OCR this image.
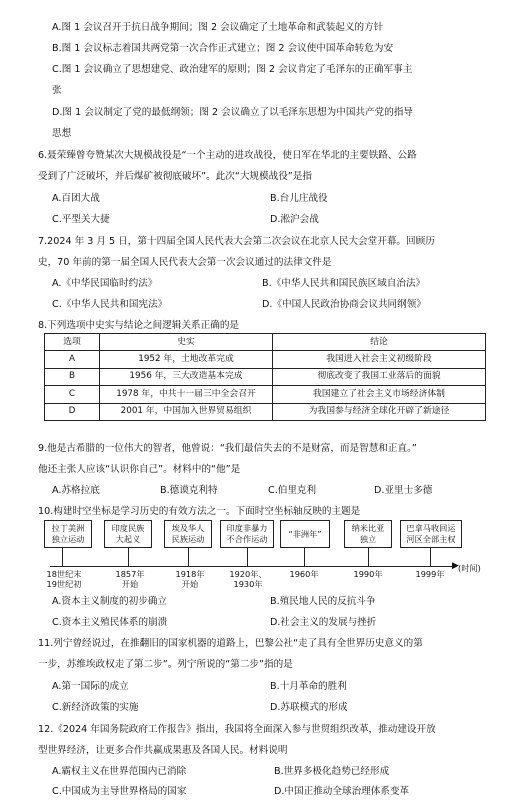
A.图 1 会议召开于抗日战争期间；图 2 会议确定了土地革命和武装起义的方针
B.图 1 会议标志着国共两党第一次合作正式建立；图 2 会议使中国革命转危为安
C.图 1 会议确立了思想建党、政治建军的原则；图 2 会议肯定了毛泽东的正确军事主
张
D.图 1 会议制定了党的最低纲领；图 2 会议确立了以毛泽东思想为中国共产党的指导
思想
6.聂荣臻曾夸赞某次大规模战役是“一个主动的进攻战役，使日军在华北的主要铁路、公路
受到了广泛破坏，并后煤矿被彻底破坏”。此次“大规模战役”是指
A.百团大战	B.台儿庄战役
C.平型关大捷	D.淞沪会战
7.2024 年 3 月 5 日，第十四届全国人民代表大会第二次会议在北京人民大会堂开幕。回顾历
史，70 年前的第一届全国人民代表大会第一次会议通过的法律文件是
A.《中华民国临时约法》	B.《中华人民共和国民族区域自治法》
C.《中华人民共和国宪法》	D.《中国人民政治协商会议共同纲领》
8.下列选项中史实与结论之间逻辑关系正确的是
选项	史实	结论
A	1952 年，土地改革完成	我国进入社会主义初级阶段
B	1956 年，三大改造基本完成	彻底改变了我国工业落后的面貌
C	1978 年，中共十一届三中全会召开	我国建立了社会主义市场经济体制
D	2001 年，中国加入世界贸易组织	为我国参与经济全球化开辟了新途径
9.他是古希腊的一位伟大的智者，他曾说：“我们最信失去的不是财富，而是智慧和正直。”
他还主张人应该“认识你自己”。材料中的“他”是
A.苏格拉底	B.德谟克利特	C.伯里克利	D.亚里士多德
10.构建时空坐标是学习历史的有效方法之一。下面时空坐标轴反映的主题是
拉丁美洲
独立运动
印度民族
大起义
埃及华人
民族运动
印度非暴力
不合作运动	“非洲年”
纳米比亚
独立
巴拿马收回运
河区全部主权
▶ (时间)
18世纪末
19世纪初
1857年
开始
1918年
开始
1920年、
1930年
1960年	1990年	1999年
A.资本主义制度的初步确立	B.殖民地人民的反抗斗争
C.资本主义殖民体系的崩溃	D.社会主义的发展与挫折
11.列宁曾经说过，在推翻旧的国家机器的道路上，巴黎公社“走了具有全世界历史意义的第
一步，苏维埃政权走了第二步”。列宁所说的“第二步”指的是
A.第一国际的成立	B.十月革命的胜利
C.新经济政策的实施	D.苏联模式的形成
12.《2024 年国务院政府工作报告》指出，我国将全面深入参与世贸组织改革，推动建设开放
型世界经济，让更多合作共赢成果惠及各国人民。材料说明
A.霸权主义在世界范围内已消除	B.世界多极化趋势已经形成
C.中国成为主导世界格局的国家	D.中国正推动全球治理体系变革
